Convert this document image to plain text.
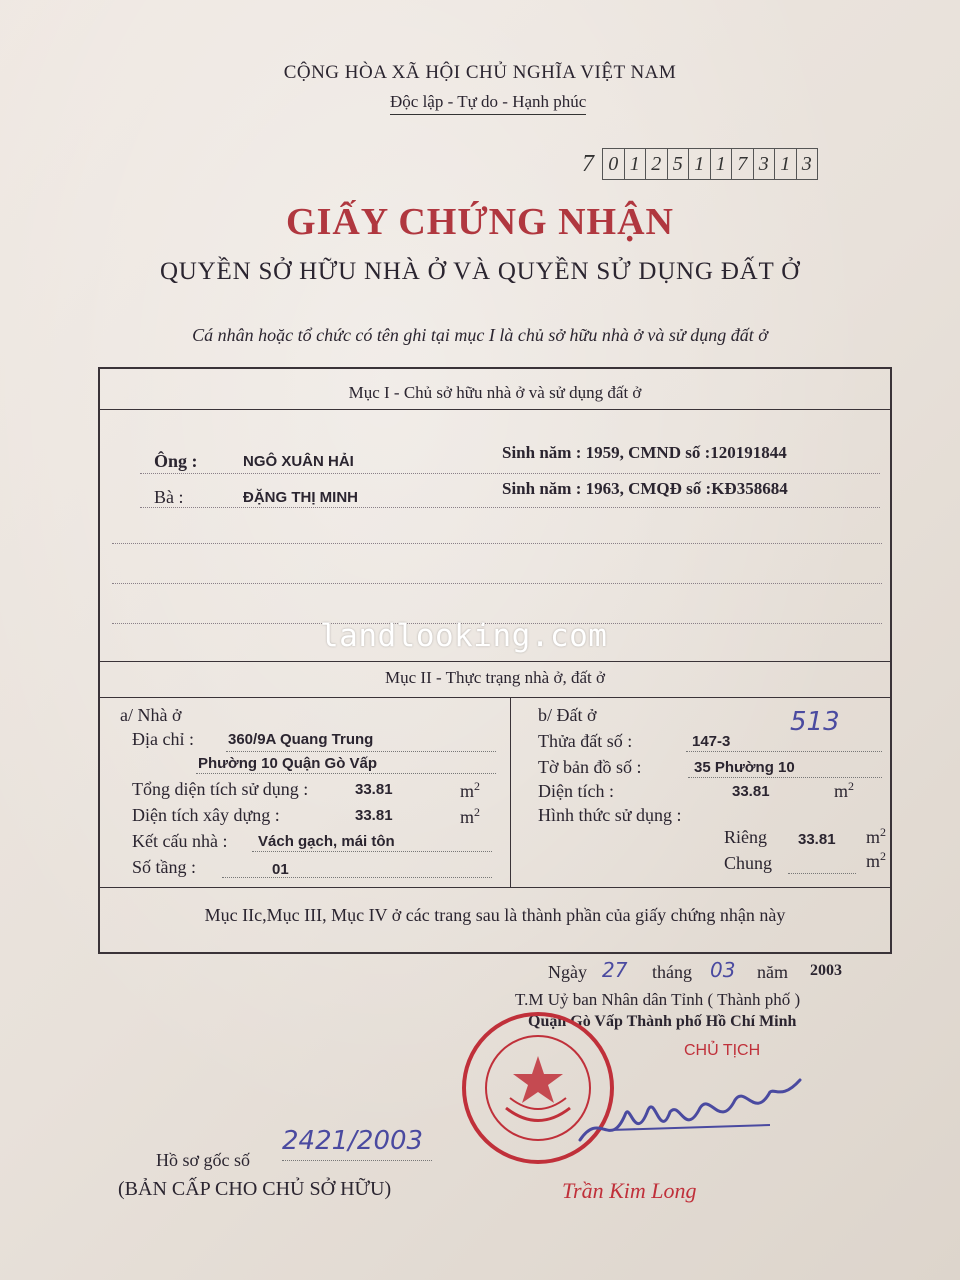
CỘNG HÒA XÃ HỘI CHỦ NGHĨA VIỆT NAM
Độc lập - Tự do - Hạnh phúc
7 0 1 2 5 1 1 7 3 1 3
GIẤY CHỨNG NHẬN
QUYỀN SỞ HỮU NHÀ Ở VÀ QUYỀN SỬ DỤNG ĐẤT Ở
Cá nhân hoặc tổ chức có tên ghi tại mục I là chủ sở hữu nhà ở và sử dụng đất ở
Mục I - Chủ sở hữu nhà ở và sử dụng đất ở
Ông :	NGÔ XUÂN HẢI	Sinh năm : 1959, CMND số :120191844
Bà :	ĐẶNG THỊ MINH	Sinh năm : 1963, CMQĐ số :KĐ358684
Mục II - Thực trạng nhà ở, đất ở
a/ Nhà ở
Địa chỉ : 360/9A Quang Trung
Phường 10 Quận Gò Vấp
Tổng diện tích sử dụng :	33.81	$m^2$
Diện tích xây dựng :	33.81	$m^2$
Kết cấu nhà : Vách gạch, mái tôn
Số tầng :	01
b/ Đất ở	513
Thửa đất số :	147-3
Tờ bản đồ số :	35 Phường 10
Diện tích :	33.81	$m^2$
Hình thức sử dụng :
Riêng 33.81 $m^2$
Chung	$m^2$
Mục IIc,Mục III, Mục IV ở các trang sau là thành phần của giấy chứng nhận này
landlooking.com
Ngày 27 tháng 03 năm 2003
T.M Uỷ ban Nhân dân Tỉnh ( Thành phố )
Quận Gò Vấp Thành phố Hồ Chí Minh
CHỦ TỊCH
Trần Kim Long
Hồ sơ gốc số
2421/2003
(BẢN CẤP CHO CHỦ SỞ HỮU)
